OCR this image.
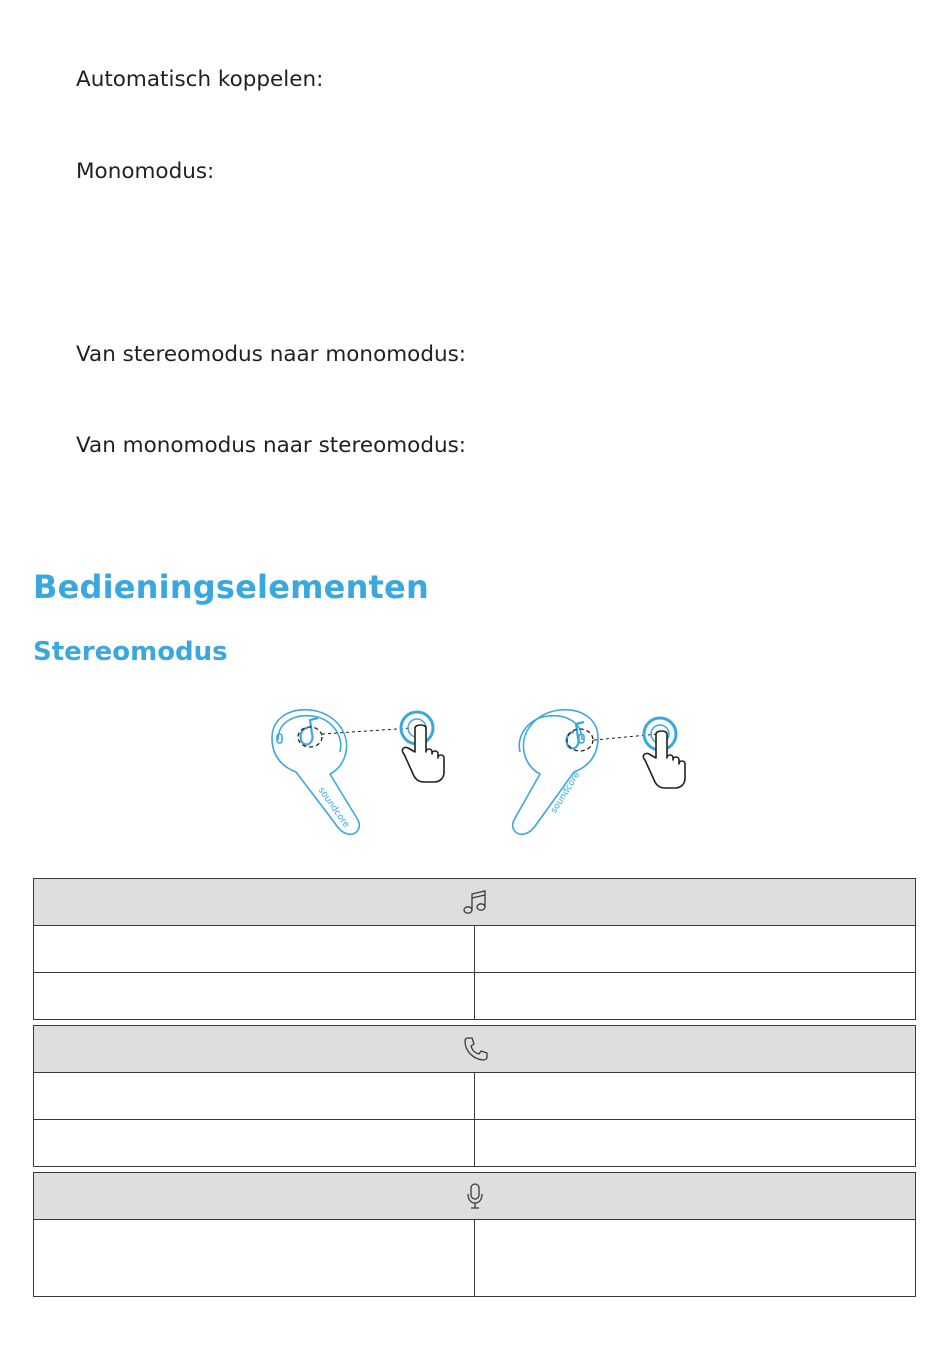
Automatisch koppelen:
Monomodus:
Van stereomodus naar monomodus:
Van monomodus naar stereomodus:
Bedieningselementen
Stereomodus
soundcore	soundcore
